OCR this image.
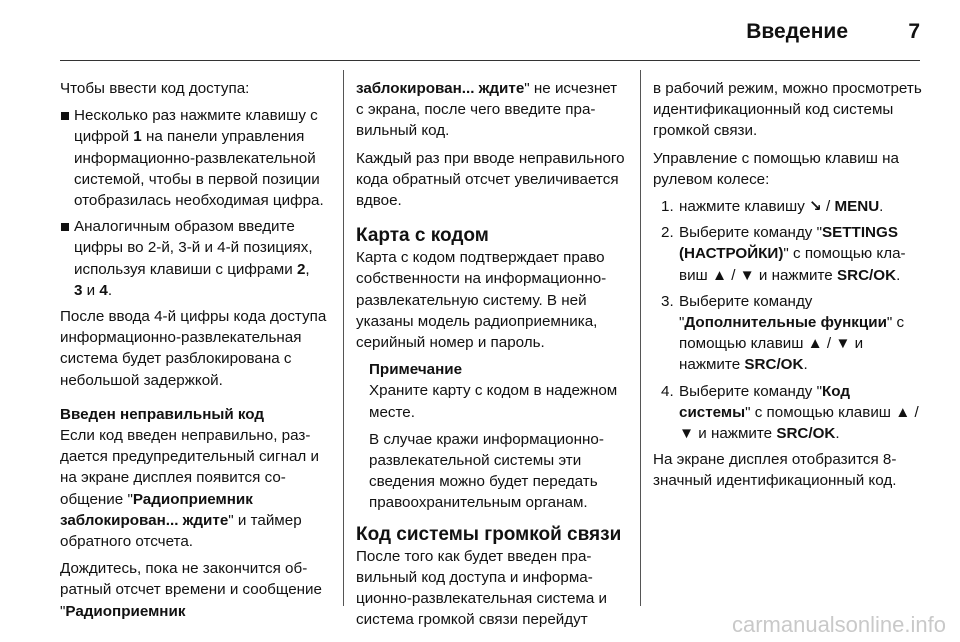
Введение	7

Чтобы ввести код доступа:

Несколько раз нажмите клавишу с цифрой 1 на панели управления информационно-развлекательной системой, чтобы в первой позиции отобразилась необходимая цифра.
Аналогичным образом введите цифры во 2-й, 3-й и 4-й позициях, используя клавиши с цифрами 2,
3 и 4.

После ввода 4-й цифры кода доступа информационно-развлекательная система будет разблокирована с небольшой задержкой.

Введен неправильный код

Если код введен неправильно, раздается предупредительный сигнал и на экране дисплея появится сообщение "Радиоприемник заблокирован... ждите" и таймер обратного отсчета.

Дождитесь, пока не закончится обратный отсчет времени и сообщение "Радиоприемник

заблокирован... ждите" не исчезнет с экрана, после чего введите правильный код.

Каждый раз при вводе неправильного кода обратный отсчет увеличивается вдвое.

Карта с кодом

Карта с кодом подтверждает право собственности на информационно-развлекательную систему. В ней указаны модель радиоприемника, серийный номер и пароль.

Примечание

Храните карту с кодом в надежном месте.

В случае кражи информационно-развлекательной системы эти сведения можно будет передать правоохранительным органам.

Код системы громкой связи

После того как будет введен правильный код доступа и информационно-развлекательная система и система громкой связи перейдут

в рабочий режим, можно просмотреть идентификационный код системы громкой связи.

Управление с помощью клавиш на рулевом колесе:

1. нажмите клавишу ↘ / MENU.
2. Выберите команду "SETTINGS (НАСТРОЙКИ)" с помощью клавиш ▲ / ▼ и нажмите SRC/OK.
3. Выберите команду "Дополнительные функции" с помощью клавиш ▲ / ▼ и нажмите SRC/OK.
4. Выберите команду "Код системы" с помощью клавиш ▲ / ▼ и нажмите SRC/OK.

На экране дисплея отобразится 8-значный идентификационный код.

carmanualsonline.info
